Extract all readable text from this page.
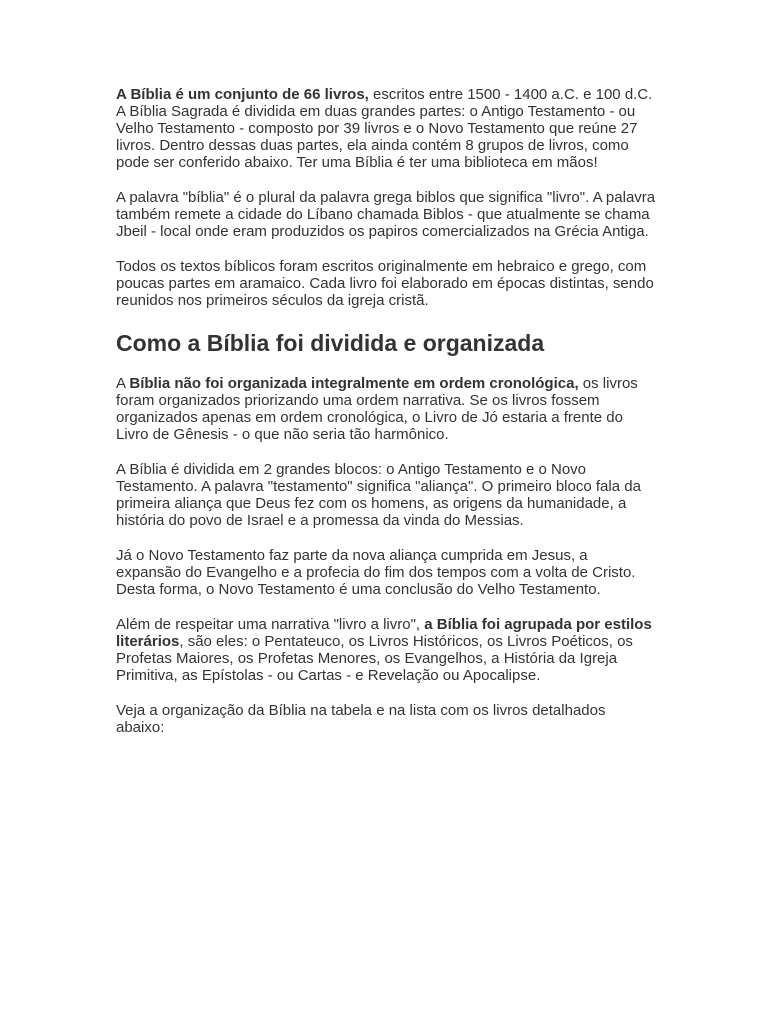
A Bíblia é um conjunto de 66 livros, escritos entre 1500 - 1400 a.C. e 100 d.C. A Bíblia Sagrada é dividida em duas grandes partes: o Antigo Testamento - ou Velho Testamento - composto por 39 livros e o Novo Testamento que reúne 27 livros. Dentro dessas duas partes, ela ainda contém 8 grupos de livros, como pode ser conferido abaixo. Ter uma Bíblia é ter uma biblioteca em mãos!

A palavra "bíblia" é o plural da palavra grega biblos que significa "livro". A palavra também remete a cidade do Líbano chamada Biblos - que atualmente se chama Jbeil - local onde eram produzidos os papiros comercializados na Grécia Antiga.

Todos os textos bíblicos foram escritos originalmente em hebraico e grego, com poucas partes em aramaico. Cada livro foi elaborado em épocas distintas, sendo reunidos nos primeiros séculos da igreja cristã.

Como a Bíblia foi dividida e organizada

A Bíblia não foi organizada integralmente em ordem cronológica, os livros foram organizados priorizando uma ordem narrativa. Se os livros fossem organizados apenas em ordem cronológica, o Livro de Jó estaria a frente do Livro de Gênesis - o que não seria tão harmônico.

A Bíblia é dividida em 2 grandes blocos: o Antigo Testamento e o Novo Testamento. A palavra "testamento" significa "aliança". O primeiro bloco fala da primeira aliança que Deus fez com os homens, as origens da humanidade, a história do povo de Israel e a promessa da vinda do Messias.

Já o Novo Testamento faz parte da nova aliança cumprida em Jesus, a expansão do Evangelho e a profecia do fim dos tempos com a volta de Cristo. Desta forma, o Novo Testamento é uma conclusão do Velho Testamento.

Além de respeitar uma narrativa "livro a livro", a Bíblia foi agrupada por estilos literários, são eles: o Pentateuco, os Livros Históricos, os Livros Poéticos, os Profetas Maiores, os Profetas Menores, os Evangelhos, a História da Igreja Primitiva, as Epístolas - ou Cartas - e Revelação ou Apocalipse.

Veja a organização da Bíblia na tabela e na lista com os livros detalhados abaixo:
